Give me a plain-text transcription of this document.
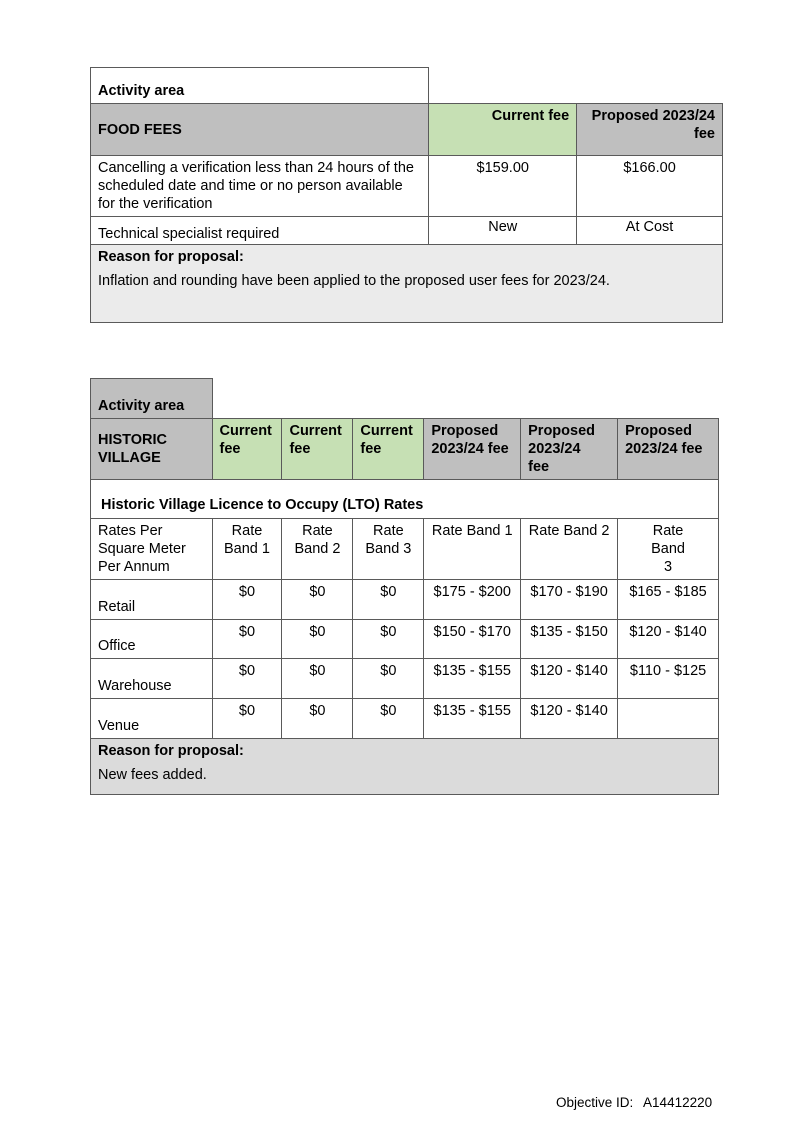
Activity area		
FOOD FEES	Current fee	Proposed 2023/24 fee
Cancelling a verification less than 24 hours of the scheduled date and time or no person available for the verification	$159.00	$166.00
Technical specialist required	New	At Cost

Reason for proposal:
Inflation and rounding have been applied to the proposed user fees for 2023/24.		
Activity area						
HISTORIC VILLAGE	Current fee	Current fee	Current fee	Proposed 2023/24 fee	Proposed 2023/24 fee	Proposed 2023/24 fee
Historic Village Licence to Occupy (LTO) Rates						
Rates Per Square Meter Per Annum	Rate Band 1	Rate Band 2	Rate Band 3	Rate Band 1	Rate Band 2	Rate Band 3
Retail	$0	$0	$0	$175 - $200	$170 - $190	$165 - $185
Office	$0	$0	$0	$150 - $170	$135 - $150	$120 - $140
Warehouse	$0	$0	$0	$135 - $155	$120 - $140	$110 - $125
Venue	$0	$0	$0	$135 - $155	$120 - $140	

Reason for proposal:
New fees added.						
Objective ID: A14412220
